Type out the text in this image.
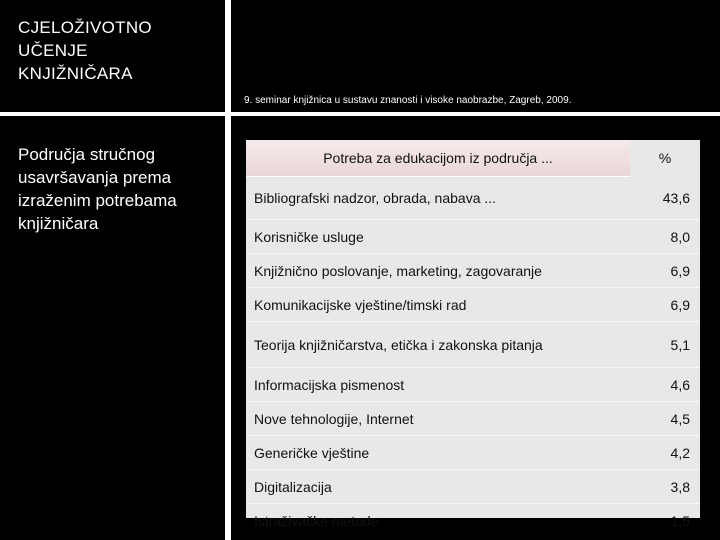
CJELOŽIVOTNO
UČENJE
KNJIŽNIČARA
9. seminar knjižnica u sustavu znanosti i visoke naobrazbe, Zagreb, 2009.
Područja stručnog
usavršavanja prema
izraženim potrebama
knjižničara
Potreba za edukacijom iz područja ...	%
Bibliografski nadzor, obrada, nabava ...	43,6
Korisničke usluge	8,0
Knjižnično poslovanje, marketing, zagovaranje	6,9
Komunikacijske vještine/timski rad	6,9
Teorija knjižničarstva, etička i zakonska pitanja	5,1
Informacijska pismenost	4,6
Nove tehnologije, Internet	4,5
Generičke vještine	4,2
Digitalizacija	3,8
Istraživačke metode	1,5
